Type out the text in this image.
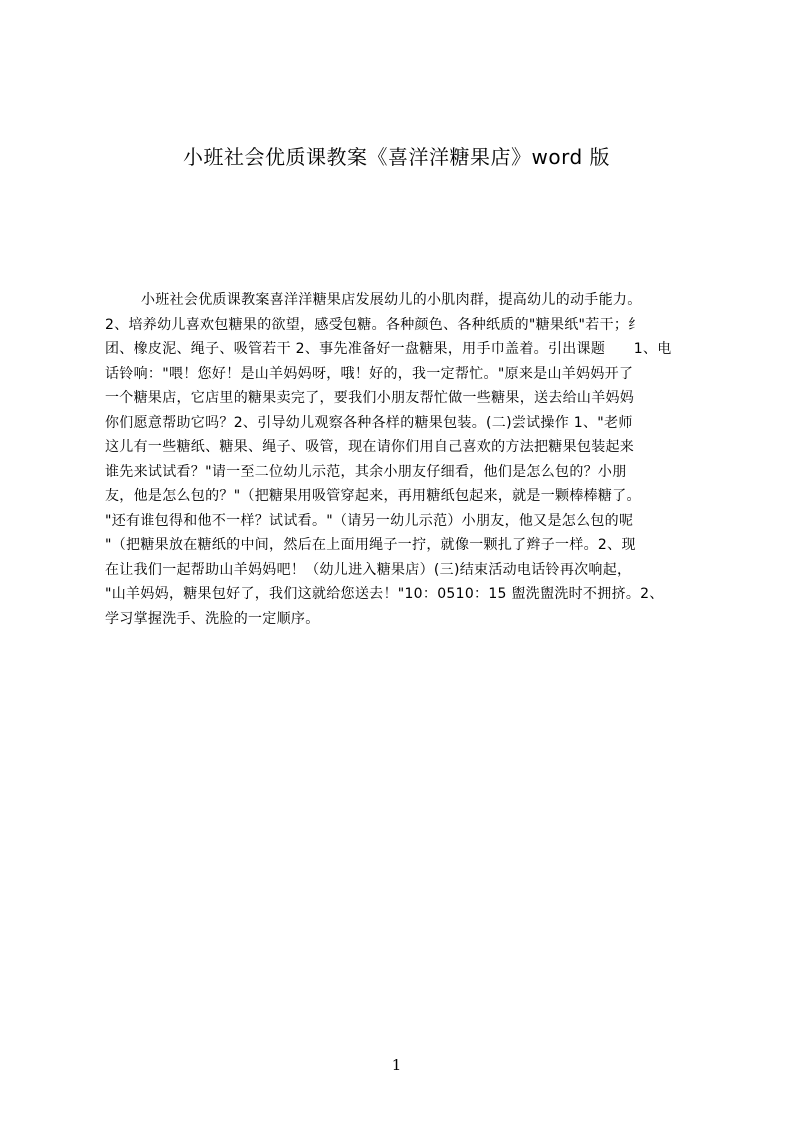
小班社会优质课教案《喜洋洋糖果店》word 版
小班社会优质课教案喜洋洋糖果店发展幼儿的小肌肉群，提高幼儿的动手能力。
2、培养幼儿喜欢包糖果的欲望，感受包糖。各种颜色、各种纸质的"糖果纸"若干；纟
团、橡皮泥、绳子、吸管若干 2、事先准备好一盘糖果，用手巾盖着。引出课题　　1、电
话铃响："喂！您好！是山羊妈妈呀，哦！好的，我一定帮忙。"原来是山羊妈妈开了
一个糖果店，它店里的糖果卖完了，要我们小朋友帮忙做一些糖果，送去给山羊妈妈
你们愿意帮助它吗？2、引导幼儿观察各种各样的糖果包装。(二)尝试操作 1、"老师
这儿有一些糖纸、糖果、绳子、吸管，现在请你们用自己喜欢的方法把糖果包装起来
谁先来试试看？"请一至二位幼儿示范，其余小朋友仔细看，他们是怎么包的？小朋
友，他是怎么包的？"（把糖果用吸管穿起来，再用糖纸包起来，就是一颗棒棒糖了。
"还有谁包得和他不一样？试试看。"（请另一幼儿示范）小朋友，他又是怎么包的呢
"（把糖果放在糖纸的中间，然后在上面用绳子一拧，就像一颗扎了辫子一样。2、现
在让我们一起帮助山羊妈妈吧！（幼儿进入糖果店）(三)结束活动电话铃再次响起，
"山羊妈妈，糖果包好了，我们这就给您送去！"10：0510：15 盥洗盥洗时不拥挤。2、
学习掌握洗手、洗脸的一定顺序。
1
